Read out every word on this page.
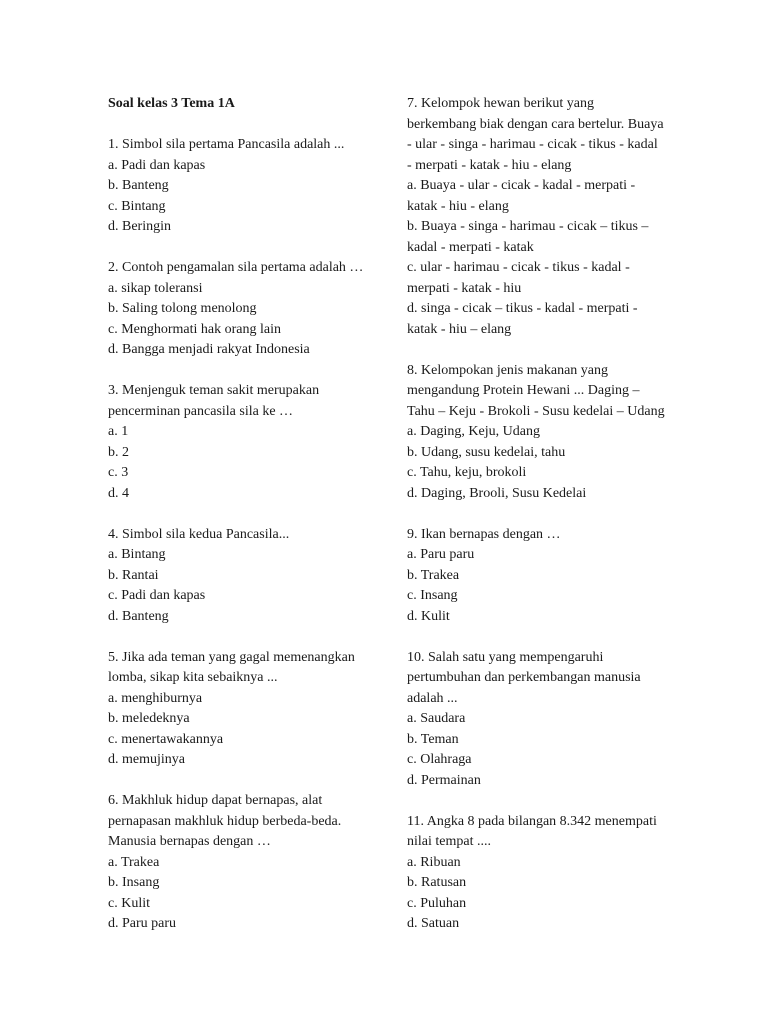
Soal kelas 3 Tema 1A

1. Simbol sila pertama Pancasila adalah ...

a. Padi dan kapas

b. Banteng

c. Bintang

d. Beringin

2. Contoh pengamalan sila pertama adalah …

a. sikap toleransi

b. Saling tolong menolong

c. Menghormati hak orang lain

d. Bangga menjadi rakyat Indonesia

3. Menjenguk teman sakit merupakan pencerminan pancasila sila ke …

a. 1

b. 2

c. 3

d. 4

4. Simbol sila kedua Pancasila...

a. Bintang

b. Rantai

c. Padi dan kapas

d. Banteng

5. Jika ada teman yang gagal memenangkan lomba, sikap kita sebaiknya ...

a. menghiburnya

b. meledeknya

c. menertawakannya

d. memujinya

6. Makhluk hidup dapat bernapas, alat pernapasan makhluk hidup berbeda-beda. Manusia bernapas dengan …

a. Trakea

b. Insang

c. Kulit

d. Paru paru

7. Kelompok hewan berikut yang berkembang biak dengan cara bertelur. Buaya - ular - singa - harimau - cicak - tikus - kadal - merpati - katak - hiu - elang

a. Buaya - ular - cicak - kadal - merpati - katak - hiu - elang

b. Buaya - singa - harimau - cicak – tikus – kadal - merpati - katak

c. ular - harimau - cicak - tikus - kadal - merpati - katak - hiu

d. singa - cicak – tikus - kadal - merpati - katak - hiu – elang

8. Kelompokan jenis makanan yang mengandung Protein Hewani ... Daging – Tahu – Keju - Brokoli - Susu kedelai – Udang

a. Daging, Keju, Udang

b. Udang, susu kedelai, tahu

c. Tahu, keju, brokoli

d. Daging, Brooli, Susu Kedelai

9. Ikan bernapas dengan …

a. Paru paru

b. Trakea

c. Insang

d. Kulit

10. Salah satu yang mempengaruhi pertumbuhan dan perkembangan manusia adalah ...

a. Saudara

b. Teman

c. Olahraga

d. Permainan

11. Angka 8 pada bilangan 8.342 menempati nilai tempat ....

a. Ribuan

b. Ratusan

c. Puluhan

d. Satuan
